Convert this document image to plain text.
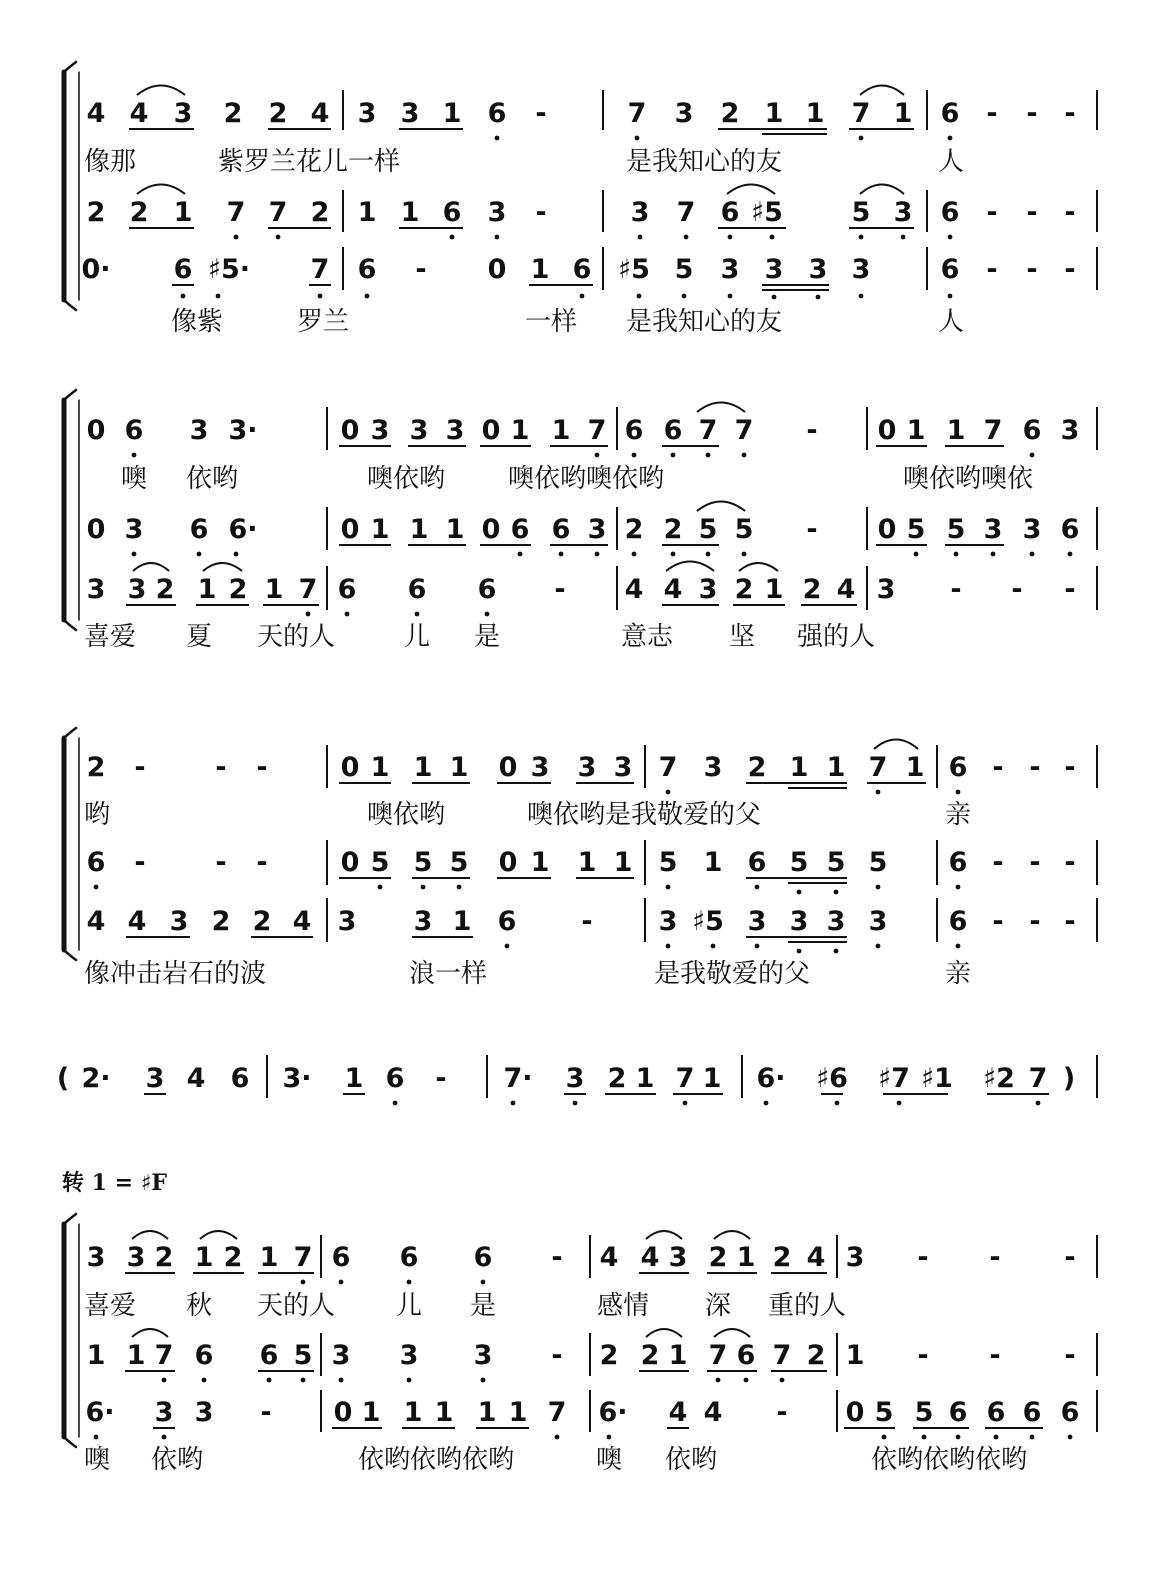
4 4 3 2 2 4 3 3 1 6 -	7 3 2 1 1 7 1 6 - - -
像那	紫罗兰花儿一样	是我知心的友	人
2 2 1 7 7 2 1 1 6 3 -	3 7 6 ♯5	5 3 6 - - -
0· 6 ♯5· 7 6 - 0 1 6 ♯5 5 3 3 3 3	6 - - -
像紫	罗兰	一样 是我知心的友	人
0 6 3 3·	0 3 3 3 0 1 1 7 6 6 7 7 - 0 1 1 7 6 3
噢 依哟	噢依哟 噢依哟噢依哟	噢依哟噢依
0 3 6 6·	0 1 1 1 0 6 6 3 2 2 5 5 - 0 5 5 3 3 6
3 3 2 1 2 1 7 6 6 6 - 4 4 3 2 1 2 4 3 - - -
喜爱 夏 天的人	儿 是	意志 坚 强的人
2 -	- -	0 1 1 1 0 3 3 3 7 3 2 1 1 7 1 6 - - -
哟	噢依哟	噢依哟是我敬爱的父	亲
6 -	- -	0 5 5 5 0 1 1 1 5 1 6 5 5 5 6 - - -
4 4 3 2 2 4 3 3 1 6 - 3 ♯5 3 3 3 3 6 - - -
像冲击岩石的波	浪一样	是我敬爱的父	亲
( 2· 3 4 6 3· 1 6 - 7· 3 2 1 7 1 6· ♯6 ♯7 ♯1 ♯2 7 )
转 1 = ♯F
3 3 2 1 2 1 7 6 6 6 - 4 4 3 2 1 2 4 3 - - -
喜爱 秋 天的人 儿 是	感情 深 重的人
1 1 7 6 6 5 3 3 3 - 2 2 1 7 6 7 2 1 - - -
6· 3 3 - 0 1 1 1 1 1 7 6· 4 4 - 0 5 5 6 6 6 6
噢 依哟	依哟依哟依哟	噢 依哟	依哟依哟依哟
